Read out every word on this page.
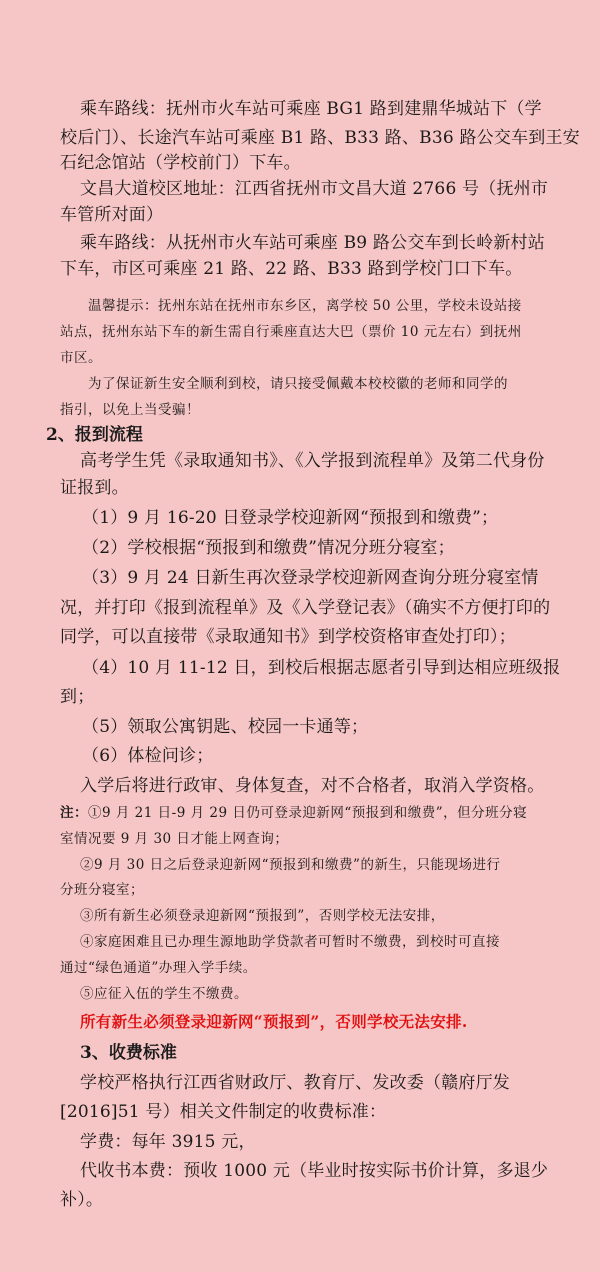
乘车路线：抚州市火车站可乘座 BG1 路到建鼎华城站下（学
校后门）、长途汽车站可乘座 B1 路、B33 路、B36 路公交车到王安
石纪念馆站（学校前门）下车。
文昌大道校区地址：江西省抚州市文昌大道 2766 号（抚州市
车管所对面）
乘车路线：从抚州市火车站可乘座 B9 路公交车到长岭新村站
下车，市区可乘座 21 路、22 路、B33 路到学校门口下车。
温馨提示：抚州东站在抚州市东乡区，离学校 50 公里，学校未设站接
站点，抚州东站下车的新生需自行乘座直达大巴（票价 10 元左右）到抚州
市区。
为了保证新生安全顺利到校，请只接受佩戴本校校徽的老师和同学的
指引，以免上当受骗！
2、报到流程
高考学生凭《录取通知书》、《入学报到流程单》及第二代身份
证报到。
（1）9 月 16-20 日登录学校迎新网“预报到和缴费”；
（2）学校根据“预报到和缴费”情况分班分寝室；
（3）9 月 24 日新生再次登录学校迎新网查询分班分寝室情
况，并打印《报到流程单》及《入学登记表》（确实不方便打印的
同学，可以直接带《录取通知书》到学校资格审查处打印）；
（4）10 月 11-12 日，到校后根据志愿者引导到达相应班级报
到；
（5）领取公寓钥匙、校园一卡通等；
（6）体检问诊；
入学后将进行政审、身体复查，对不合格者，取消入学资格。
注：①9 月 21 日-9 月 29 日仍可登录迎新网“预报到和缴费”，但分班分寝
室情况要 9 月 30 日才能上网查询；
②9 月 30 日之后登录迎新网“预报到和缴费”的新生，只能现场进行
分班分寝室；
③所有新生必须登录迎新网“预报到”，否则学校无法安排，
④家庭困难且已办理生源地助学贷款者可暂时不缴费，到校时可直接
通过“绿色通道”办理入学手续。
⑤应征入伍的学生不缴费。
所有新生必须登录迎新网“预报到”，否则学校无法安排.
3、收费标准
学校严格执行江西省财政厅、教育厅、发改委（赣府厅发
[2016]51 号）相关文件制定的收费标准：
学费：每年 3915 元，
代收书本费：预收 1000 元（毕业时按实际书价计算，多退少
补）。
